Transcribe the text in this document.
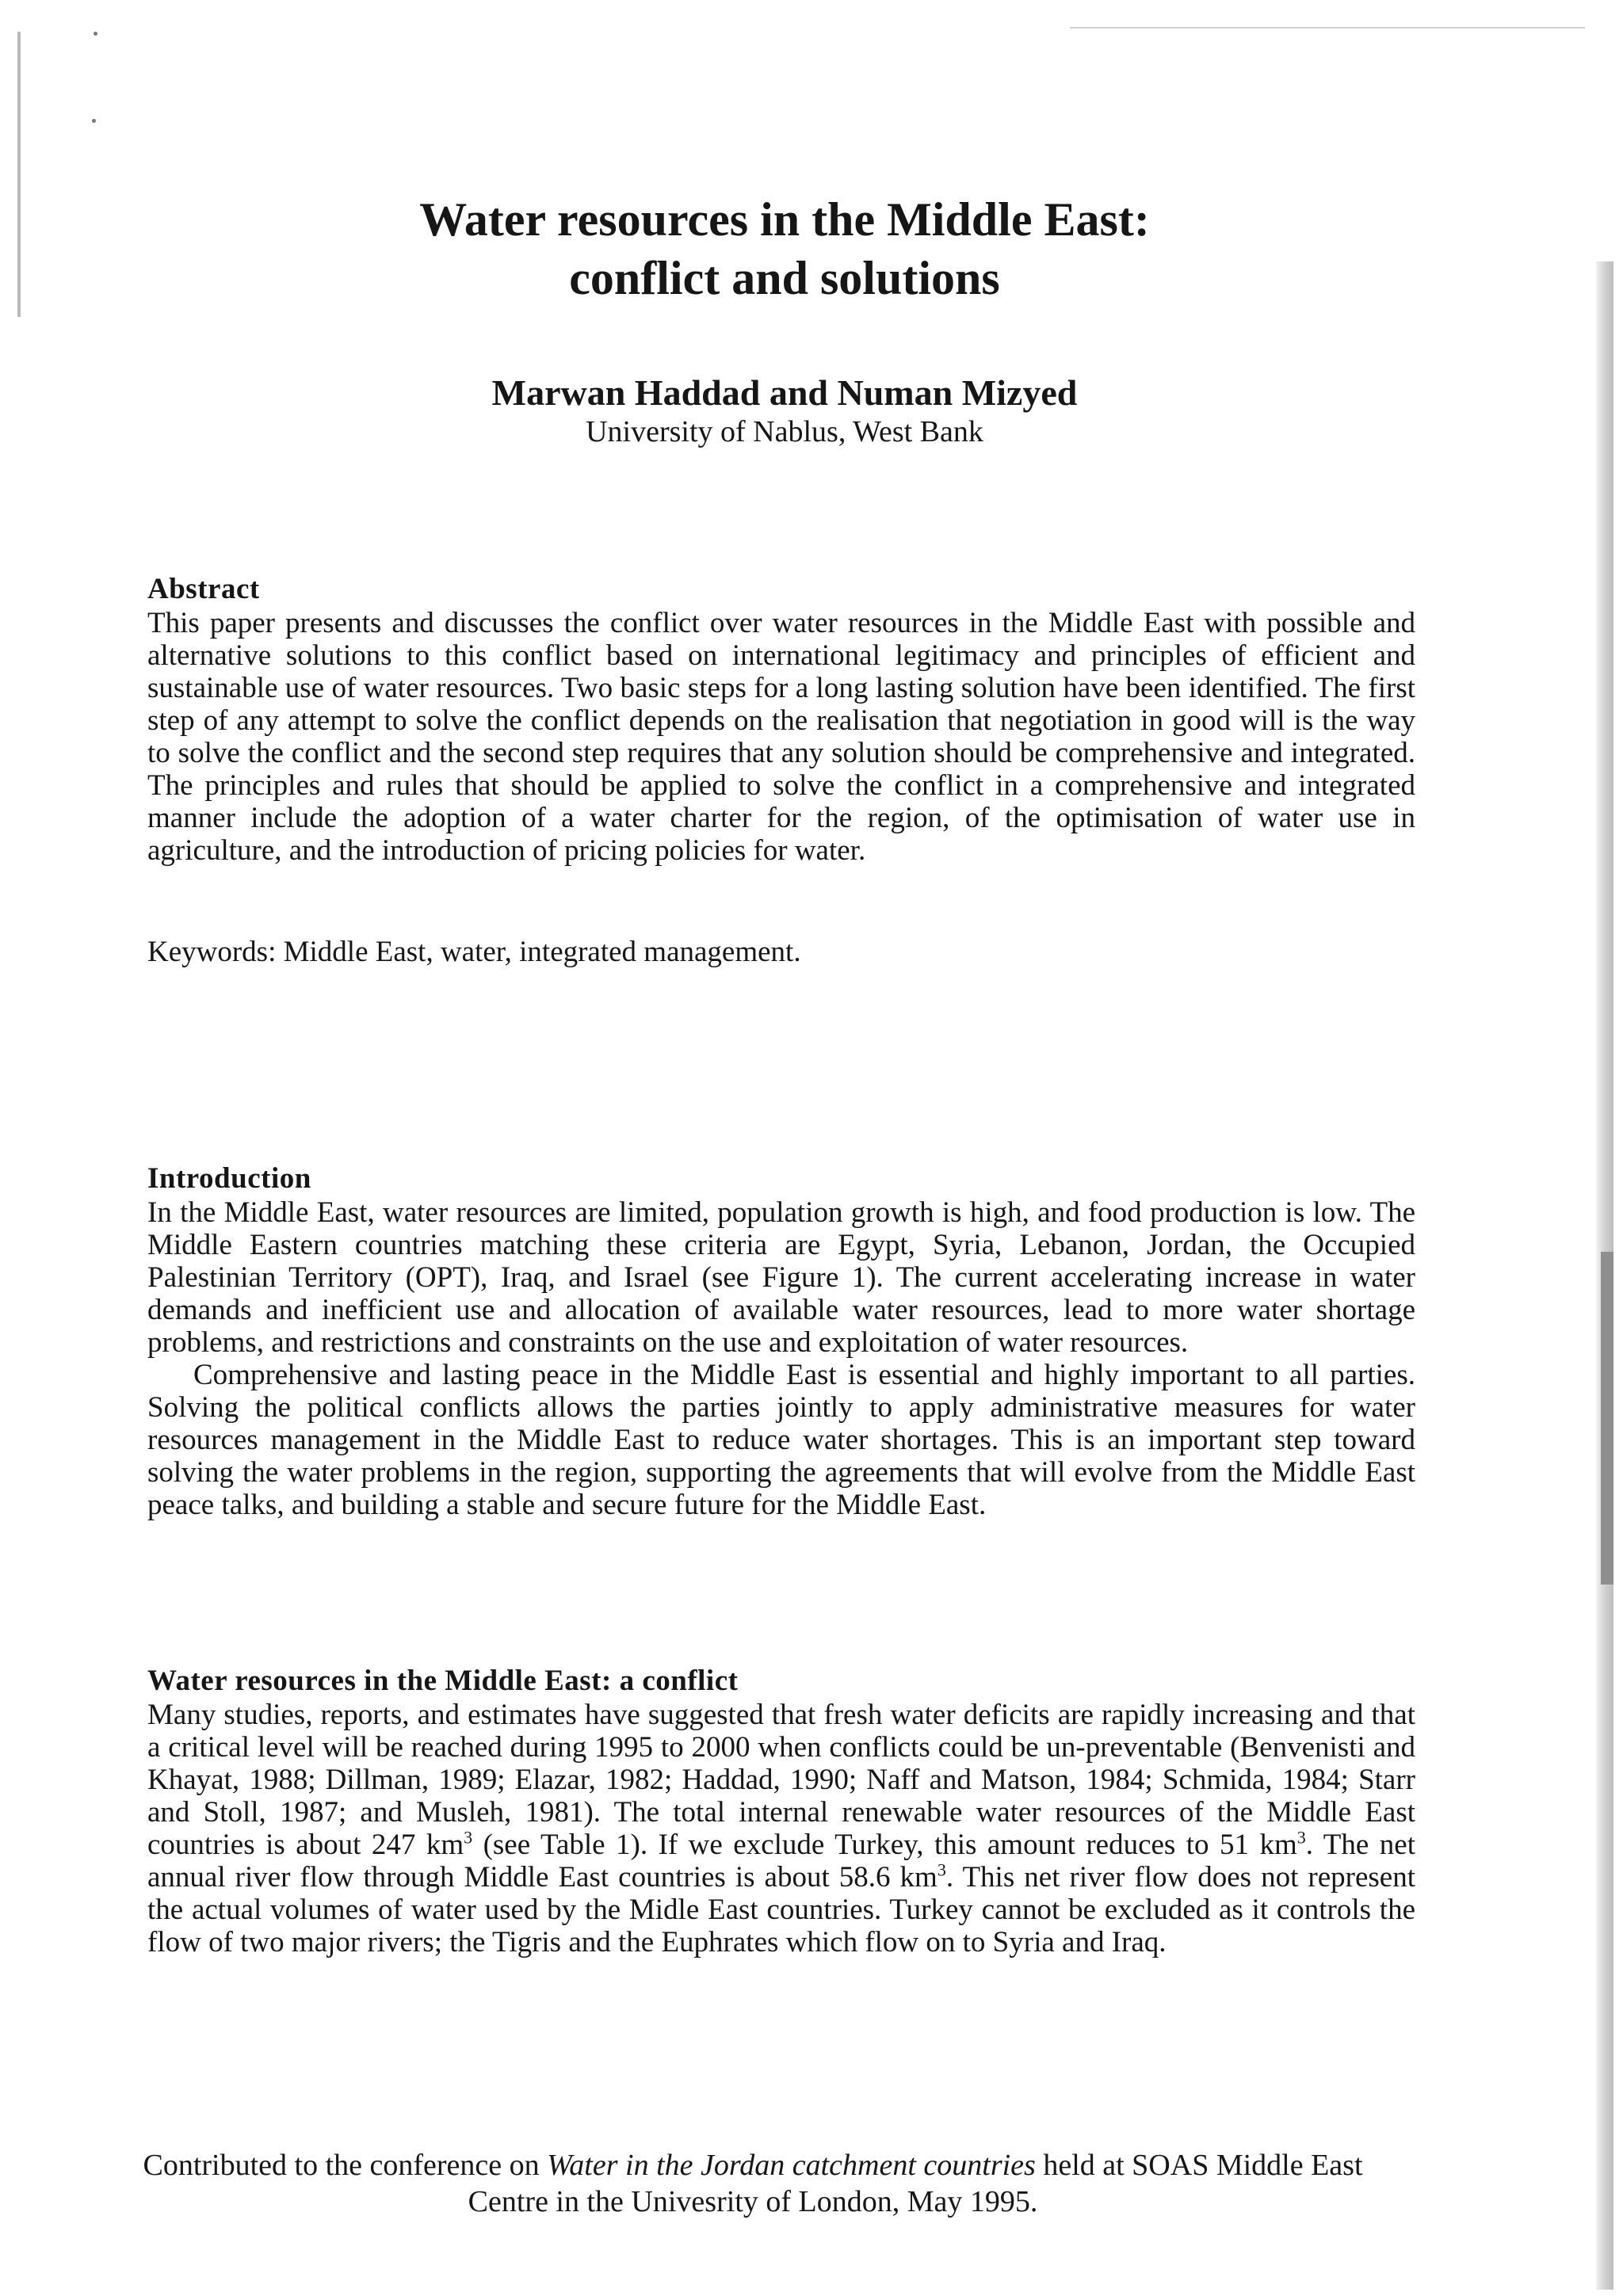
Water resources in the Middle East:
conflict and solutions
Marwan Haddad and Numan Mizyed
University of Nablus, West Bank
Abstract
This paper presents and discusses the conflict over water resources in the Middle East with possible and alternative solutions to this conflict based on international legitimacy and principles of efficient and sustainable use of water resources. Two basic steps for a long lasting solution have been identified. The first step of any attempt to solve the conflict depends on the realisation that negotiation in good will is the way to solve the conflict and the second step requires that any solution should be comprehensive and integrated. The principles and rules that should be applied to solve the conflict in a comprehensive and integrated manner include the adoption of a water charter for the region, of the optimisation of water use in agriculture, and the introduction of pricing policies for water.
Keywords: Middle East, water, integrated management.
Introduction
In the Middle East, water resources are limited, population growth is high, and food production is low. The Middle Eastern countries matching these criteria are Egypt, Syria, Lebanon, Jordan, the Occupied Palestinian Territory (OPT), Iraq, and Israel (see Figure 1). The current accelerating increase in water demands and inefficient use and allocation of available water resources, lead to more water shortage problems, and restrictions and constraints on the use and exploitation of water resources.
Comprehensive and lasting peace in the Middle East is essential and highly important to all parties. Solving the political conflicts allows the parties jointly to apply administrative measures for water resources management in the Middle East to reduce water shortages. This is an important step toward solving the water problems in the region, supporting the agreements that will evolve from the Middle East peace talks, and building a stable and secure future for the Middle East.
Water resources in the Middle East: a conflict
Many studies, reports, and estimates have suggested that fresh water deficits are rapidly increasing and that a critical level will be reached during 1995 to 2000 when conflicts could be un-preventable (Benvenisti and Khayat, 1988; Dillman, 1989; Elazar, 1982; Haddad, 1990; Naff and Matson, 1984; Schmida, 1984; Starr and Stoll, 1987; and Musleh, 1981). The total internal renewable water resources of the Middle East countries is about 247 $km^3$ (see Table 1). If we exclude Turkey, this amount reduces to 51 $km^3$. The net annual river flow through Middle East countries is about 58.6 $km^3$. This net river flow does not represent the actual volumes of water used by the Midle East countries. Turkey cannot be excluded as it controls the flow of two major rivers; the Tigris and the Euphrates which flow on to Syria and Iraq.
Contributed to the conference on Water in the Jordan catchment countries held at SOAS Middle East Centre in the Univesrity of London, May 1995.
